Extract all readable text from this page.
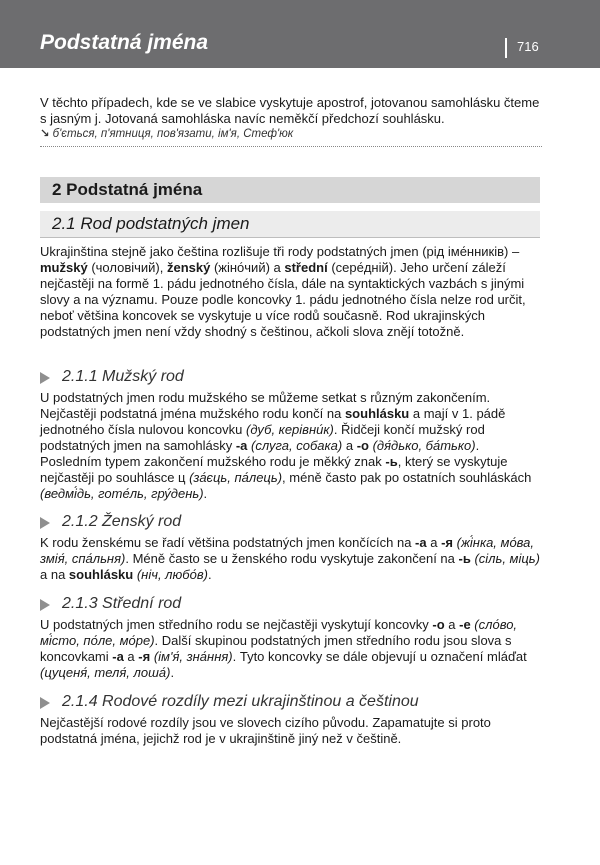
Podstatná jména	716
V těchto případech, kde se ve slabice vyskytuje apostrof, jotovanou samohlásku čteme s jasným j. Jotovaná samohláska navíc neměkčí předchozí souhlásku.
↘ б'ється, п'ятниця, пов'язати, ім'я, Стеф'юк
2 Podstatná jména
2.1 Rod podstatných jmen
Ukrajinština stejně jako čeština rozlišuje tři rody podstatných jmen (рід іме́нників) – mužský (чоловічий), ženský (жіно́чий) a střední (сере́дній). Jeho určení záleží nejčastěji na formě 1. pádu jednotného čísla, dále na syntaktických vazbách s jinými slovy a na významu. Pouze podle koncovky 1. pádu jednotného čísla nelze rod určit, neboť většina koncovek se vyskytuje u více rodů současně. Rod ukrajinských podstatných jmen není vždy shodný s češtinou, ačkoli slova znějí totožně.
2.1.1 Mužský rod
U podstatných jmen rodu mužského se můžeme setkat s různým zakončením. Nejčastěji podstatná jména mužského rodu končí na souhlásku a mají v 1. pádě jednotného čísla nulovou koncovku (дуб, керівни́к). Řidčeji končí mužský rod podstatných jmen na samohlásky -а (слуга, собака) a -о (дя́дько, ба́тько). Posledním typem zakončení mužského rodu je měkký znak -ь, který se vyskytuje nejčastěji po souhlásce ц (за́єць, па́лець), méně často pak po ostatních souhláskách (ведмі́дь, готе́ль, гру́день).
2.1.2 Ženský rod
K rodu ženskému se řadí většina podstatných jmen končících na -а a -я (жі́нка, мо́ва, змія́, спа́льня). Méně často se u ženského rodu vyskytuje zakončení na -ь (сіль, міць) a na souhlásku (ніч, любо́в).
2.1.3 Střední rod
U podstatných jmen středního rodu se nejčastěji vyskytují koncovky -о a -е (сло́во, мі́сто, по́ле, мо́ре). Další skupinou podstatných jmen středního rodu jsou slova s koncovkami -а a -я (ім'я́, зна́ння). Tyto koncovky se dále objevují u označení mláďat (цуценя́, теля́, лоша́).
2.1.4 Rodové rozdíly mezi ukrajinštinou a češtinou
Nejčastější rodové rozdíly jsou ve slovech cizího původu. Zapamatujte si proto podstatná jména, jejichž rod je v ukrajinštině jiný než v češtině.
